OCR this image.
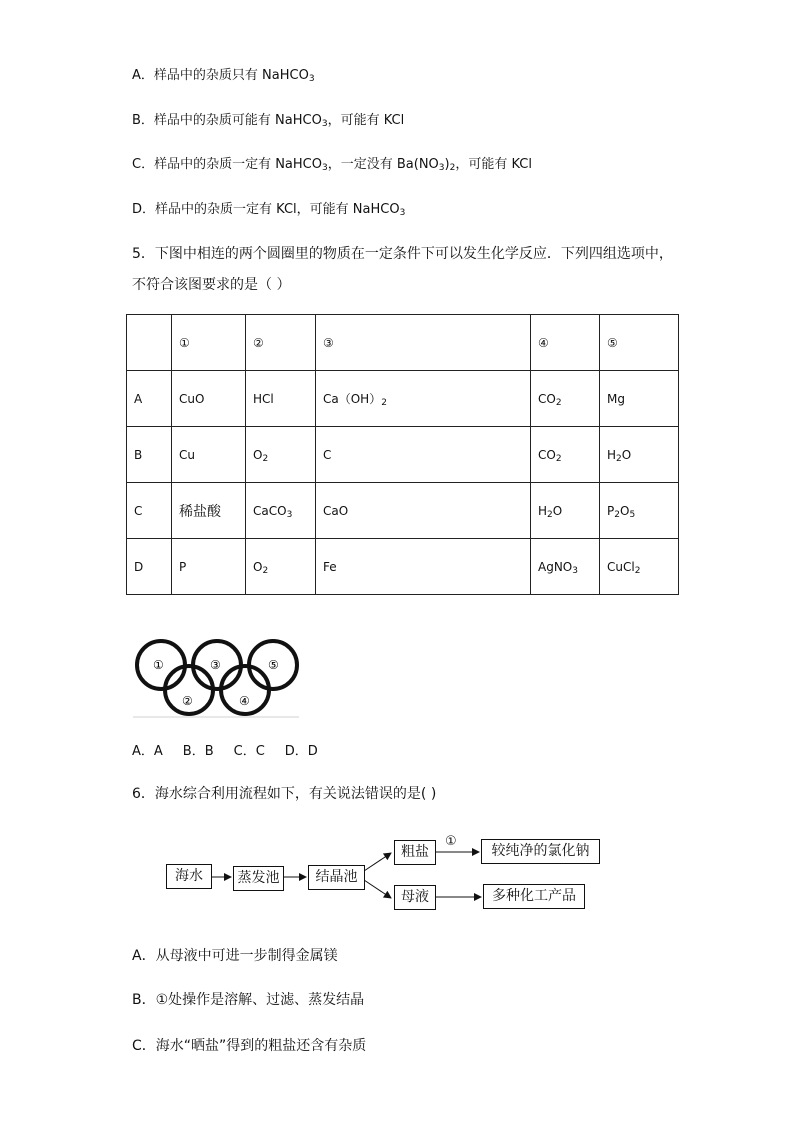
A．样品中的杂质只有 NaHCO$_3$
B．样品中的杂质可能有 NaHCO$_3$，可能有 KCl
C．样品中的杂质一定有 NaHCO$_3$，一定没有 $Ba(NO_3)_2$，可能有 KCl
D．样品中的杂质一定有 KCl，可能有 NaHCO$_3$
5．下图中相连的两个圆圈里的物质在一定条件下可以发生化学反应．下列四组选项中，
不符合该图要求的是（ ）
	①	②	③	④	⑤
A	CuO	HCl	$Ca(OH)_2$	$CO_2$	Mg
B	Cu	$O_2$	C	$CO_2$	$H_2O$
C	稀盐酸	CaCO$_3$	CaO	$H_2O$	$P_2O_5$
D	P	$O_2$	Fe	AgNO$_3$	CuCl$_2$
①	③	⑤
②	④
A．A B．B C．C D．D
6．海水综合利用流程如下，有关说法错误的是( )
海水	蒸发池	结晶池
粗盐
①
较纯净的氯化钠
母液	多种化工产品
A．从母液中可进一步制得金属镁
B．①处操作是溶解、过滤、蒸发结晶
C．海水“晒盐”得到的粗盐还含有杂质
